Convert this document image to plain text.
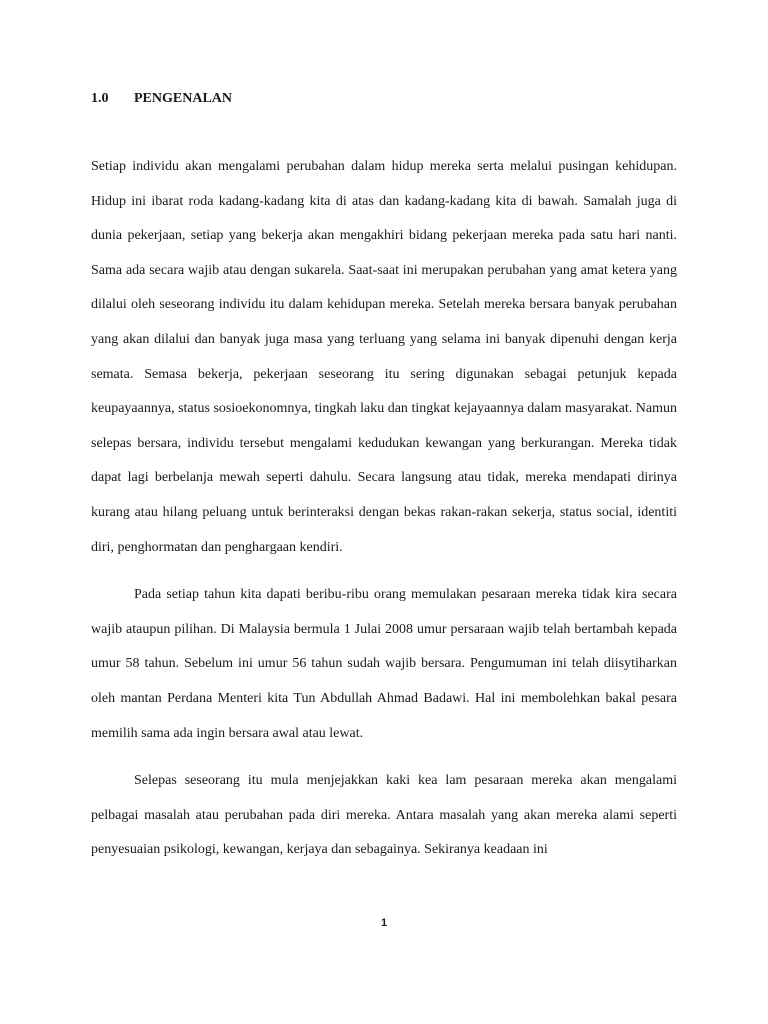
1.0 PENGENALAN

Setiap individu akan mengalami perubahan dalam hidup mereka serta melalui pusingan kehidupan. Hidup ini ibarat roda kadang-kadang kita di atas dan kadang-kadang kita di bawah. Samalah juga di dunia pekerjaan, setiap yang bekerja akan mengakhiri bidang pekerjaan mereka pada satu hari nanti. Sama ada secara wajib atau dengan sukarela. Saat-saat ini merupakan perubahan yang amat ketera yang dilalui oleh seseorang individu itu dalam kehidupan mereka. Setelah mereka bersara banyak perubahan yang akan dilalui dan banyak juga masa yang terluang yang selama ini banyak dipenuhi dengan kerja semata. Semasa bekerja, pekerjaan seseorang itu sering digunakan sebagai petunjuk kepada keupayaannya, status sosioekonomnya, tingkah laku dan tingkat kejayaannya dalam masyarakat. Namun selepas bersara, individu tersebut mengalami kedudukan kewangan yang berkurangan. Mereka tidak dapat lagi berbelanja mewah seperti dahulu. Secara langsung atau tidak, mereka mendapati dirinya kurang atau hilang peluang untuk berinteraksi dengan bekas rakan-rakan sekerja, status social, identiti diri, penghormatan dan penghargaan kendiri.

Pada setiap tahun kita dapati beribu-ribu orang memulakan pesaraan mereka tidak kira secara wajib ataupun pilihan. Di Malaysia bermula 1 Julai 2008 umur persaraan wajib telah bertambah kepada umur 58 tahun. Sebelum ini umur 56 tahun sudah wajib bersara. Pengumuman ini telah diisytiharkan oleh mantan Perdana Menteri kita Tun Abdullah Ahmad Badawi. Hal ini membolehkan bakal pesara memilih sama ada ingin bersara awal atau lewat.

Selepas seseorang itu mula menjejakkan kaki kea lam pesaraan mereka akan mengalami pelbagai masalah atau perubahan pada diri mereka. Antara masalah yang akan mereka alami seperti penyesuaian psikologi, kewangan, kerjaya dan sebagainya. Sekiranya keadaan ini

1
